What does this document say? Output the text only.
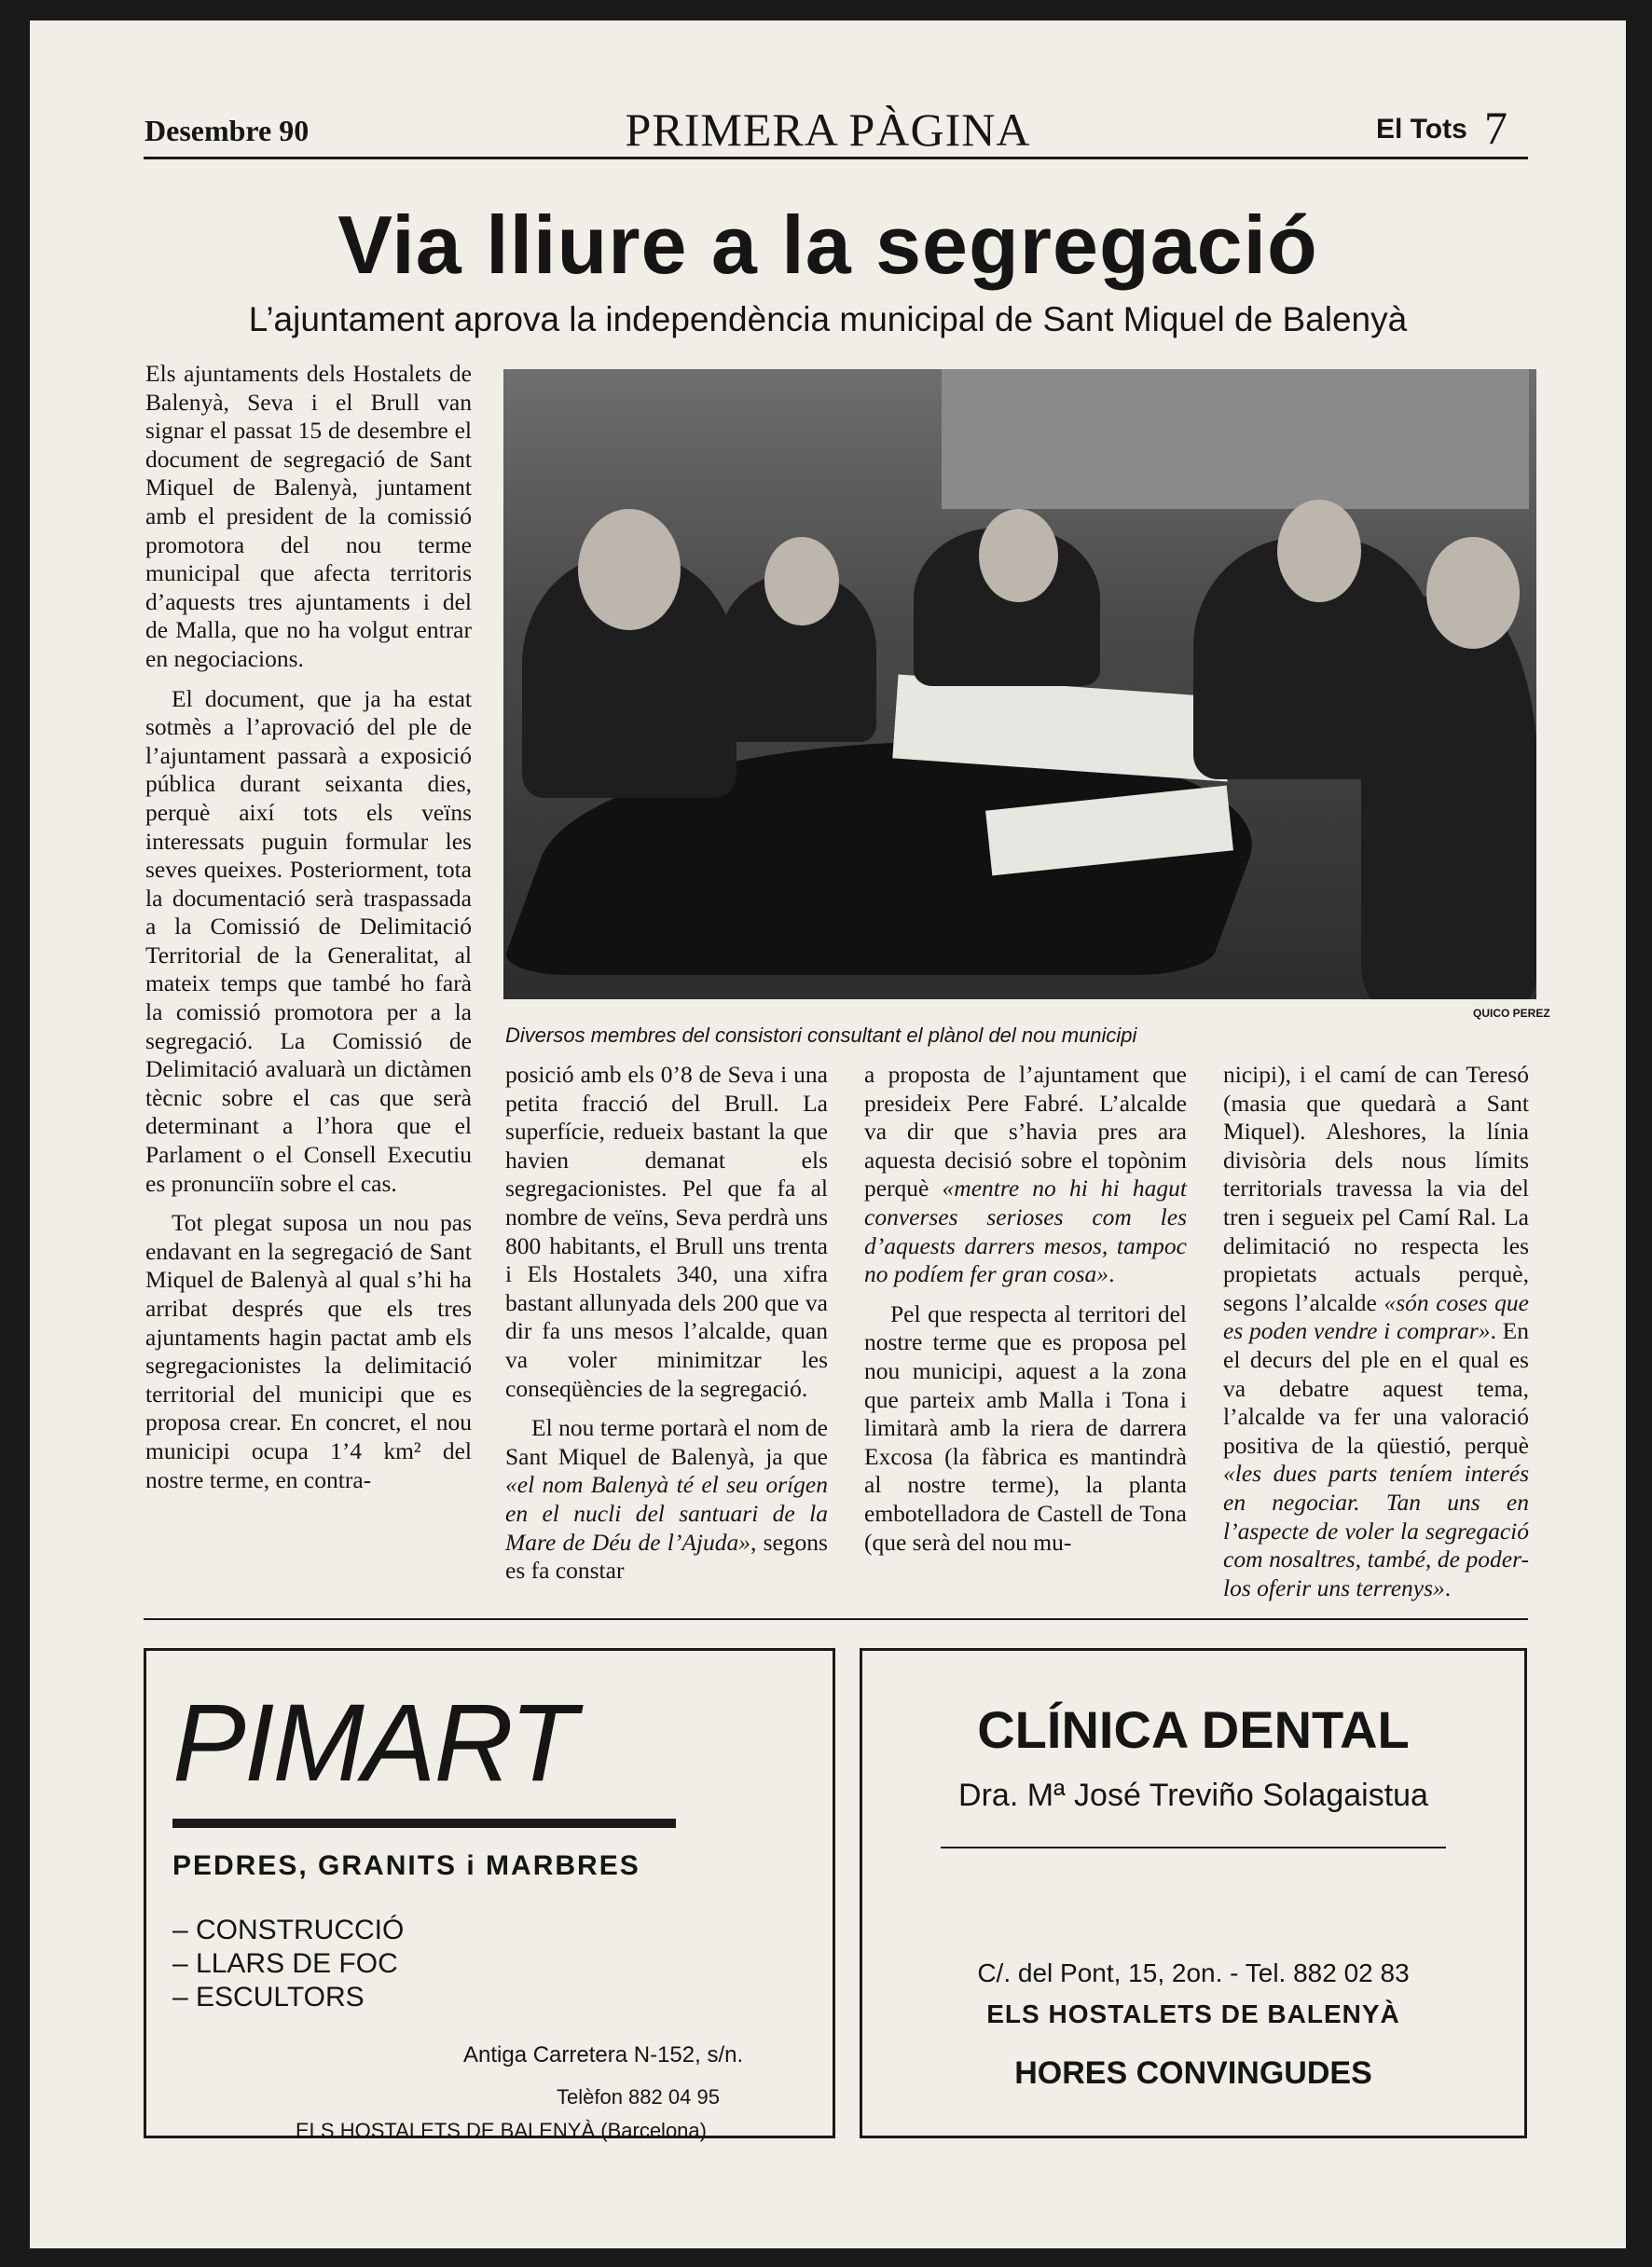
Desembre 90	PRIMERA PÀGINA	El Tots 7
Via lliure a la segregació
L’ajuntament aprova la independència municipal de Sant Miquel de Balenyà

Els ajuntaments dels Hostalets de Balenyà, Seva i el Brull van signar el passat 15 de desembre el document de segregació de Sant Miquel de Balenyà, juntament amb el president de la comissió promotora del nou terme municipal que afecta territoris d’aquests tres ajuntaments i del de Malla, que no ha volgut entrar en negociacions.

El document, que ja ha estat sotmès a l’aprovació del ple de l’ajuntament passarà a exposició pública durant seixanta dies, perquè així tots els veïns interessats puguin formular les seves queixes. Posteriorment, tota la documentació serà traspassada a la Comissió de Delimitació Territorial de la Generalitat, al mateix temps que també ho farà la comissió promotora per a la segregació. La Comissió de Delimitació avaluarà un dictàmen tècnic sobre el cas que serà determinant a l’hora que el Parlament o el Consell Executiu es pronunciïn sobre el cas.

Tot plegat suposa un nou pas endavant en la segregació de Sant Miquel de Balenyà al qual s’hi ha arribat després que els tres ajuntaments hagin pactat amb els segregacionistes la delimitació territorial del municipi que es proposa crear. En concret, el nou municipi ocupa 1’4 km² del nostre terme, en contra-

QUICO PEREZ
Diversos membres del consistori consultant el plànol del nou municipi

posició amb els 0’8 de Seva i una petita fracció del Brull. La superfície, redueix bastant la que havien demanat els segregacionistes. Pel que fa al nombre de veïns, Seva perdrà uns 800 habitants, el Brull uns trenta i Els Hostalets 340, una xifra bastant allunyada dels 200 que va dir fa uns mesos l’alcalde, quan va voler minimitzar les conseqüències de la segregació.

El nou terme portarà el nom de Sant Miquel de Balenyà, ja que «el nom Balenyà té el seu orígen en el nucli del santuari de la Mare de Déu de l’Ajuda», segons es fa constar

a proposta de l’ajuntament que presideix Pere Fabré. L’alcalde va dir que s’havia pres ara aquesta decisió sobre el topònim perquè «mentre no hi hi hagut converses serioses com les d’aquests darrers mesos, tampoc no podíem fer gran cosa».

Pel que respecta al territori del nostre terme que es proposa pel nou municipi, aquest a la zona que parteix amb Malla i Tona i limitarà amb la riera de darrera Excosa (la fàbrica es mantindrà al nostre terme), la planta embotelladora de Castell de Tona (que serà del nou mu-

nicipi), i el camí de can Teresó (masia que quedarà a Sant Miquel). Aleshores, la línia divisòria dels nous límits territorials travessa la via del tren i segueix pel Camí Ral. La delimitació no respecta les propietats actuals perquè, segons l’alcalde «són coses que es poden vendre i comprar». En el decurs del ple en el qual es va debatre aquest tema, l’alcalde va fer una valoració positiva de la qüestió, perquè «les dues parts teníem interés en negociar. Tan uns en l’aspecte de voler la segregació com nosaltres, també, de poder-los oferir uns terrenys».

PIMART
PEDRES, GRANITS i MARBRES
– CONSTRUCCIÓ
– LLARS DE FOC
– ESCULTORS
Antiga Carretera N-152, s/n.
Telèfon 882 04 95
ELS HOSTALETS DE BALENYÀ (Barcelona)
CLÍNICA DENTAL
Dra. Mª José Treviño Solagaistua
C/. del Pont, 15, 2on. - Tel. 882 02 83
ELS HOSTALETS DE BALENYÀ
HORES CONVINGUDES
